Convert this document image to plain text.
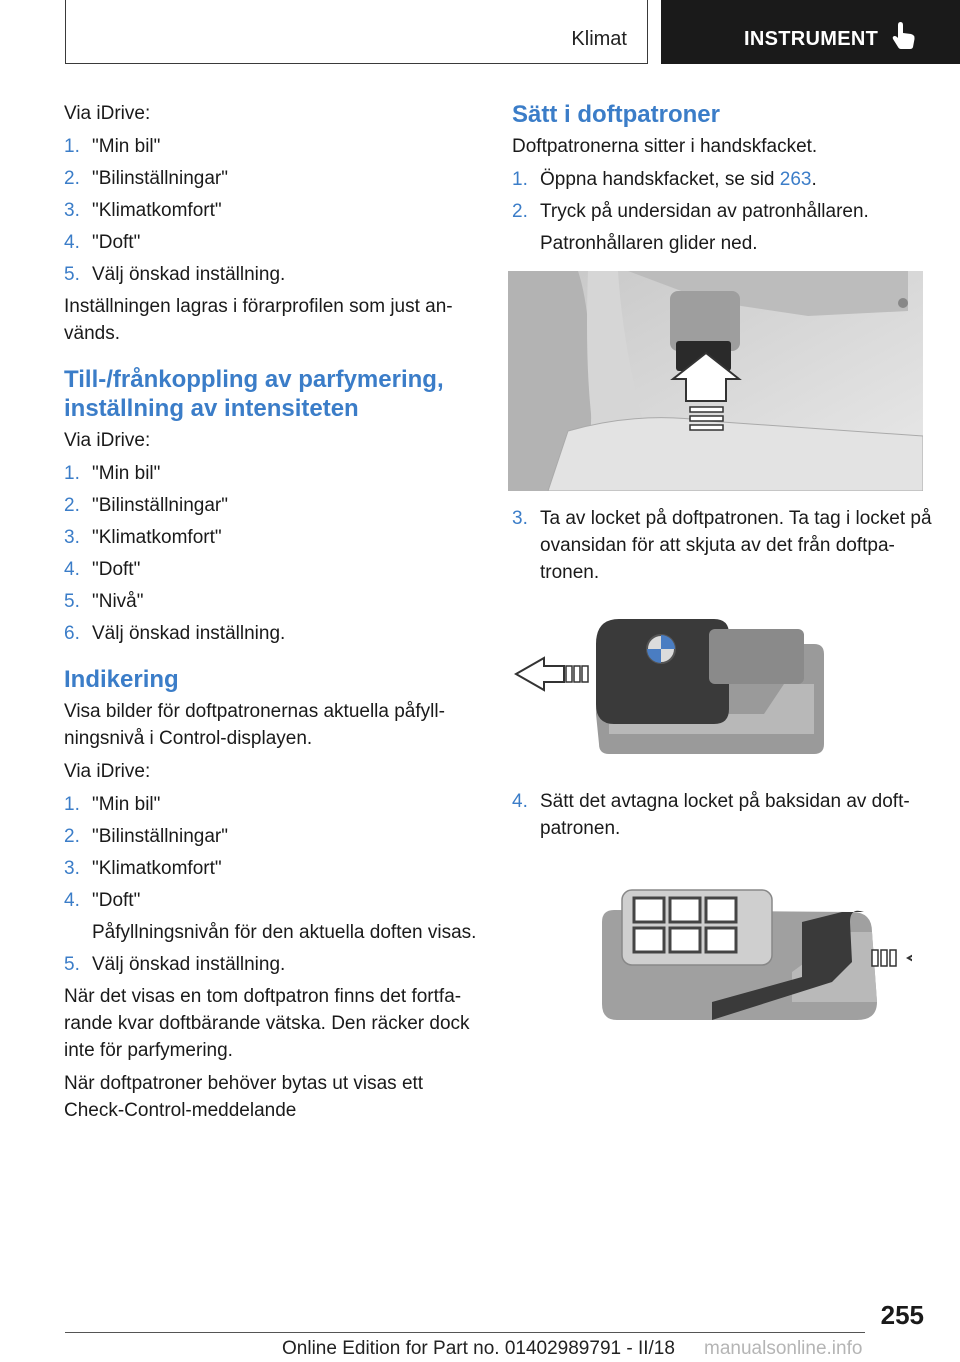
Klimat	INSTRUMENT

Via iDrive:

1. "Min bil"
2. "Bilinställningar"
3. "Klimatkomfort"
4. "Doft"
5. Välj önskad inställning.

Inställningen lagras i förarprofilen som just an-vänds.

Till-/frånkoppling av parfymering, inställning av intensiteten

Via iDrive:

1. "Min bil"
2. "Bilinställningar"
3. "Klimatkomfort"
4. "Doft"
5. "Nivå"
6. Välj önskad inställning.
Indikering

Visa bilder för doftpatronernas aktuella påfyll-ningsnivå i Control-displayen.

Via iDrive:

1. "Min bil"
2. "Bilinställningar"
3. "Klimatkomfort"
4. "Doft"
Påfyllningsnivån för den aktuella doften visas.
5. Välj önskad inställning.

När det visas en tom doftpatron finns det fortfa-rande kvar doftbärande vätska. Den räcker dock inte för parfymering.

När doftpatroner behöver bytas ut visas ett Check-Control-meddelande

Sätt i doftpatroner

Doftpatronerna sitter i handskfacket.

1. Öppna handskfacket, se sid 263.
2. Tryck på undersidan av patronhållaren.
Patronhållaren glider ned.
3. Ta av locket på doftpatronen. Ta tag i locket på ovansidan för att skjuta av det från doftpa-tronen.
4. Sätt det avtagna locket på baksidan av doft-patronen.
255
Online Edition for Part no. 01402989791 - II/18 manualsonline.info
